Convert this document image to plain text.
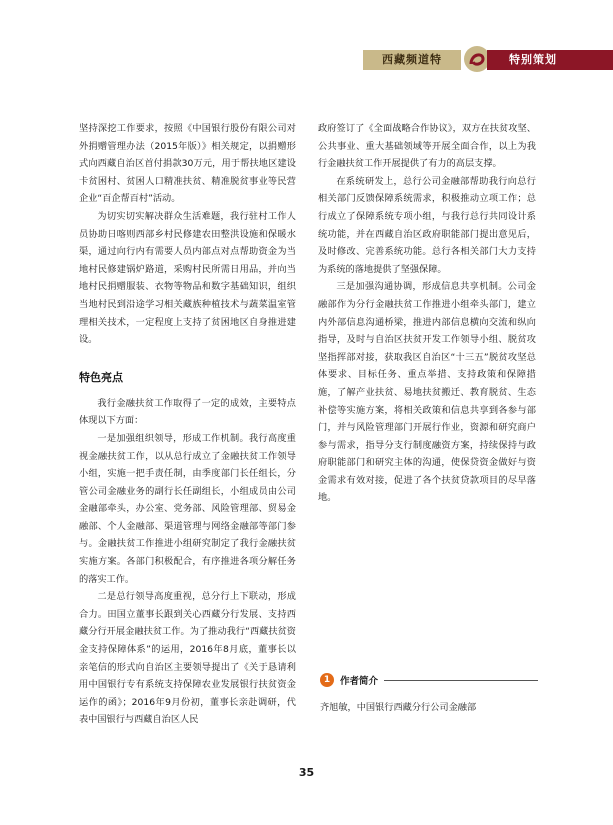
西藏频道特	特别策划

坚持深挖工作要求，按照《中国银行股份有限公司对外捐赠管理办法（2015年版）》相关规定，以捐赠形式向西藏自治区首付捐款30万元，用于帮扶地区建设卡贫困村、贫困人口精准扶贫、精准脱贫事业等民营企业“百企帮百村”活动。

为切实切实解决群众生活难题，我行驻村工作人员协助日喀则西部乡村民修建农田整洪设施和保暖水渠，通过向行内有需要人员内部点对点帮助资金为当地村民修建锅炉路道，采购村民所需日用品，并向当地村民捐赠服装、衣物等物品和数字基础知识，组织当地村民到沿途学习相关藏族种植技术与蔬菜温室管理相关技术，一定程度上支持了贫困地区自身推进建设。

特色亮点

我行金融扶贫工作取得了一定的成效，主要特点体现以下方面：

一是加强组织领导，形成工作机制。我行高度重视金融扶贫工作，以从总行成立了金融扶贫工作领导小组，实施一把手责任制，由季度部门长任组长，分管公司金融业务的副行长任副组长，小组成员由公司金融部牵头，办公室、党务部、风险管理部、贸易金融部、个人金融部、渠道管理与网络金融部等部门参与。金融扶贫工作推进小组研究制定了我行金融扶贫实施方案。各部门积极配合，有序推进各项分解任务的落实工作。

二是总行领导高度重视，总分行上下联动，形成合力。田国立董事长跟到关心西藏分行发展、支持西藏分行开展金融扶贫工作。为了推动我行“西藏扶贫资金支持保障体系”的运用，2016年8月底，董事长以亲笔信的形式向自治区主要领导提出了《关于恳请利用中国银行专有系统支持保障农业发展银行扶贫资金运作的函》；2016年9月份初，董事长亲赴调研，代表中国银行与西藏自治区人民

政府签订了《全面战略合作协议》，双方在扶贫攻坚、公共事业、重大基础领域等开展全面合作，以上为我行金融扶贫工作开展提供了有力的高层支撑。

在系统研发上，总行公司金融部帮助我行向总行相关部门反馈保障系统需求，积极推动立项工作；总行成立了保障系统专项小组，与我行总行共同设计系统功能，并在西藏自治区政府职能部门提出意见后，及时修改、完善系统功能。总行各相关部门大力支持为系统的落地提供了坚强保障。

三是加强沟通协调，形成信息共享机制。公司金融部作为分行金融扶贫工作推进小组牵头部门，建立内外部信息沟通桥梁，推进内部信息横向交流和纵向指导，及时与自治区扶贫开发工作领导小组、脱贫攻坚指挥部对接，获取我区自治区“十三五”脱贫攻坚总体要求、目标任务、重点举措、支持政策和保障措施，了解产业扶贫、易地扶贫搬迁、教育脱贫、生态补偿等实施方案，将相关政策和信息共享到各参与部门，并与风险管理部门开展行作业，资源和研究商户参与需求，指导分支行制度融资方案，持续保持与政府职能部门和研究主体的沟通，使保贷资金做好与资金需求有效对接，促进了各个扶贫贷款项目的尽早落地。

1	作者简介
齐旭敏，中国银行西藏分行公司金融部
35
